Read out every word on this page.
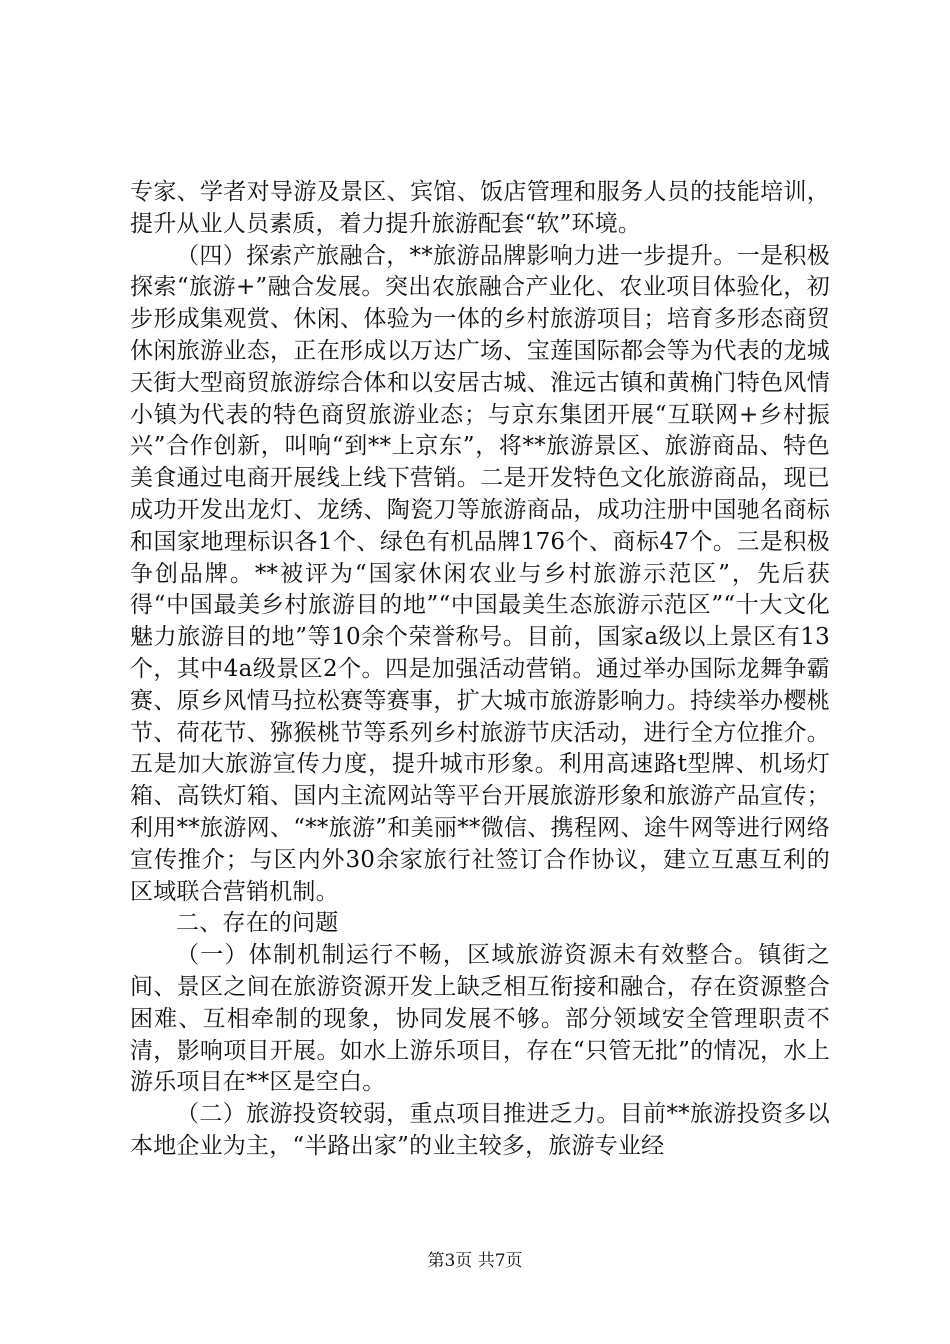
专家、学者对导游及景区、宾馆、饭店管理和服务人员的技能培训，提升从业人员素质，着力提升旅游配套“软”环境。

（四）探索产旅融合，**旅游品牌影响力进一步提升。一是积极探索“旅游+”融合发展。突出农旅融合产业化、农业项目体验化，初步形成集观赏、休闲、体验为一体的乡村旅游项目；培育多形态商贸休闲旅游业态，正在形成以万达广场、宝莲国际都会等为代表的龙城天街大型商贸旅游综合体和以安居古城、淮远古镇和黄桷门特色风情小镇为代表的特色商贸旅游业态；与京东集团开展“互联网+乡村振兴”合作创新，叫响“到**上京东”，将**旅游景区、旅游商品、特色美食通过电商开展线上线下营销。二是开发特色文化旅游商品，现已成功开发出龙灯、龙绣、陶瓷刀等旅游商品，成功注册中国驰名商标和国家地理标识各1个、绿色有机品牌176个、商标47个。三是积极争创品牌。**被评为“国家休闲农业与乡村旅游示范区”，先后获得“中国最美乡村旅游目的地”“中国最美生态旅游示范区”“十大文化魅力旅游目的地”等10余个荣誉称号。目前，国家a级以上景区有13个，其中4a级景区2个。四是加强活动营销。通过举办国际龙舞争霸赛、原乡风情马拉松赛等赛事，扩大城市旅游影响力。持续举办樱桃节、荷花节、猕猴桃节等系列乡村旅游节庆活动，进行全方位推介。五是加大旅游宣传力度，提升城市形象。利用高速路t型牌、机场灯箱、高铁灯箱、国内主流网站等平台开展旅游形象和旅游产品宣传；利用**旅游网、“**旅游”和美丽**微信、携程网、途牛网等进行网络宣传推介；与区内外30余家旅行社签订合作协议，建立互惠互利的区域联合营销机制。

二、存在的问题

（一）体制机制运行不畅，区域旅游资源未有效整合。镇街之间、景区之间在旅游资源开发上缺乏相互衔接和融合，存在资源整合困难、互相牵制的现象，协同发展不够。部分领域安全管理职责不清，影响项目开展。如水上游乐项目，存在“只管无批”的情况，水上游乐项目在**区是空白。

（二）旅游投资较弱，重点项目推进乏力。目前**旅游投资多以本地企业为主，“半路出家”的业主较多，旅游专业经

第3页 共7页
